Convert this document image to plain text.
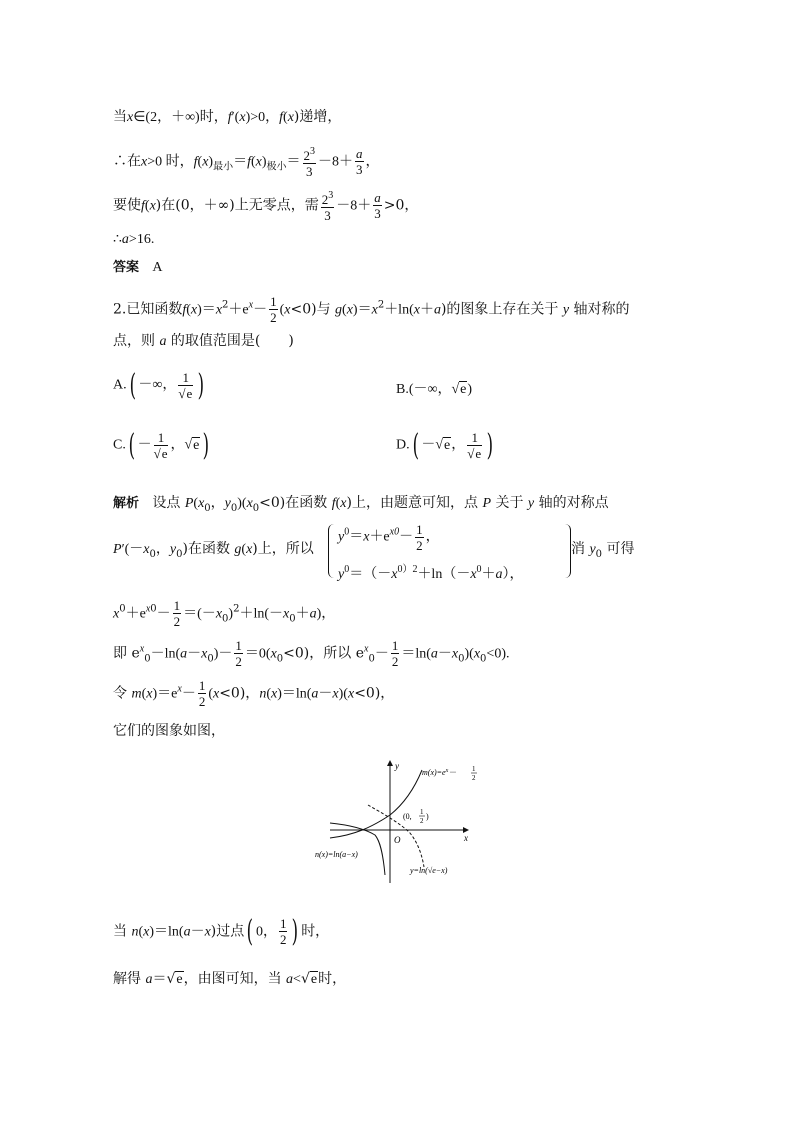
当x∈(2，＋∞)时，f′(x)>0，f(x)递增，
∴在x>0 时，$f(x)_{最小}=f(x)_{极小}= \frac{2^3}{3} -8+ \frac{a}{3}$ ，
要使f(x)在(0，＋∞)上无零点，需 $\frac{2^3}{3} -8+ \frac{a}{3} >0$，
∴a>16.
答案 A
2.已知函数$f(x)=x^2+e^x- \frac{1}{2} (x<0)$与 $g(x)=x^2+\ln(x+a)$的图象上存在关于 y 轴对称的
点，则 a 的取值范围是(　　)
A.( －∞， $\frac{1}{√e}$ )	B.(－∞，√e)
$C.( - \frac{1}{√e}$ ，√e )	D.( －√e， $\frac{1}{√e}$ )
解析 设点 $P(x_0$，$y_0)(x_0<0)$在函数 f(x)上，由题意可知，点 P 关于 y 轴的对称点
$P'(-x_0$，$y_0$)在函数 g(x)上，所以
$y^0=x+e^{x0}- \frac{1}{2}$ ，
$y^0=(-x^{0)2}+\ln(-x^0+a)$，
消 $y_0$ 可得
$x^0+e^{x0}- \frac{1}{2} =(-x_0)^2+\ln(-x_0+a)$，
即 $e^x_0-\ln(a-x_0)- \frac{1}{2} =0(x_0<0)$，所以 $e^x_0- \frac{1}{2} =\ln(a-x_0)(x_0<0)$.
令 $m(x)=e^x- \frac{1}{2} (x<0)$，n(x)＝ln(a－x)(x<0)，
它们的图象如图，
y
x
O
$m(x)=e^x- 1$
2
(0, 1
2 )
n(x)=ln(a−x)
y=ln(√e−x)
当 n(x)＝ln(a－x)过点( 0， $\frac{1}{2}$ ) 时，
解得 a＝√e，由图可知，当 a<√e时，
